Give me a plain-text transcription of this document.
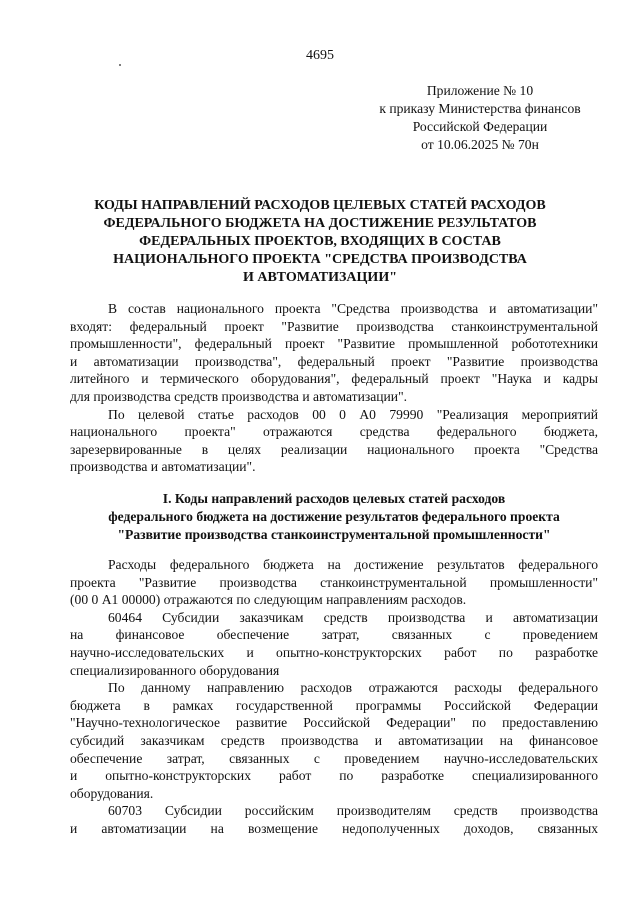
4695
Приложение № 10
к приказу Министерства финансов
Российской Федерации
от 10.06.2025 № 70н
КОДЫ НАПРАВЛЕНИЙ РАСХОДОВ ЦЕЛЕВЫХ СТАТЕЙ РАСХОДОВ
ФЕДЕРАЛЬНОГО БЮДЖЕТА НА ДОСТИЖЕНИЕ РЕЗУЛЬТАТОВ
ФЕДЕРАЛЬНЫХ ПРОЕКТОВ, ВХОДЯЩИХ В СОСТАВ
НАЦИОНАЛЬНОГО ПРОЕКТА "СРЕДСТВА ПРОИЗВОДСТВА
И АВТОМАТИЗАЦИИ"
В состав национального проекта "Средства производства и автоматизации"
входят: федеральный проект "Развитие производства станкоинструментальной
промышленности", федеральный проект "Развитие промышленной робототехники
и автоматизации производства", федеральный проект "Развитие производства
литейного и термического оборудования", федеральный проект "Наука и кадры
для производства средств производства и автоматизации".
По целевой статье расходов 00 0 А0 79990 "Реализация мероприятий
национального проекта" отражаются средства федерального бюджета,
зарезервированные в целях реализации национального проекта "Средства
производства и автоматизации".
I. Коды направлений расходов целевых статей расходов
федерального бюджета на достижение результатов федерального проекта
"Развитие производства станкоинструментальной промышленности"
Расходы федерального бюджета на достижение результатов федерального
проекта "Развитие производства станкоинструментальной промышленности"
(00 0 А1 00000) отражаются по следующим направлениям расходов.
60464 Субсидии заказчикам средств производства и автоматизации
на финансовое обеспечение затрат, связанных с проведением
научно-исследовательских и опытно-конструкторских работ по разработке
специализированного оборудования
По данному направлению расходов отражаются расходы федерального
бюджета в рамках государственной программы Российской Федерации
"Научно-технологическое развитие Российской Федерации" по предоставлению
субсидий заказчикам средств производства и автоматизации на финансовое
обеспечение затрат, связанных с проведением научно-исследовательских
и опытно-конструкторских работ по разработке специализированного
оборудования.
60703 Субсидии российским производителям средств производства
и автоматизации на возмещение недополученных доходов, связанных
